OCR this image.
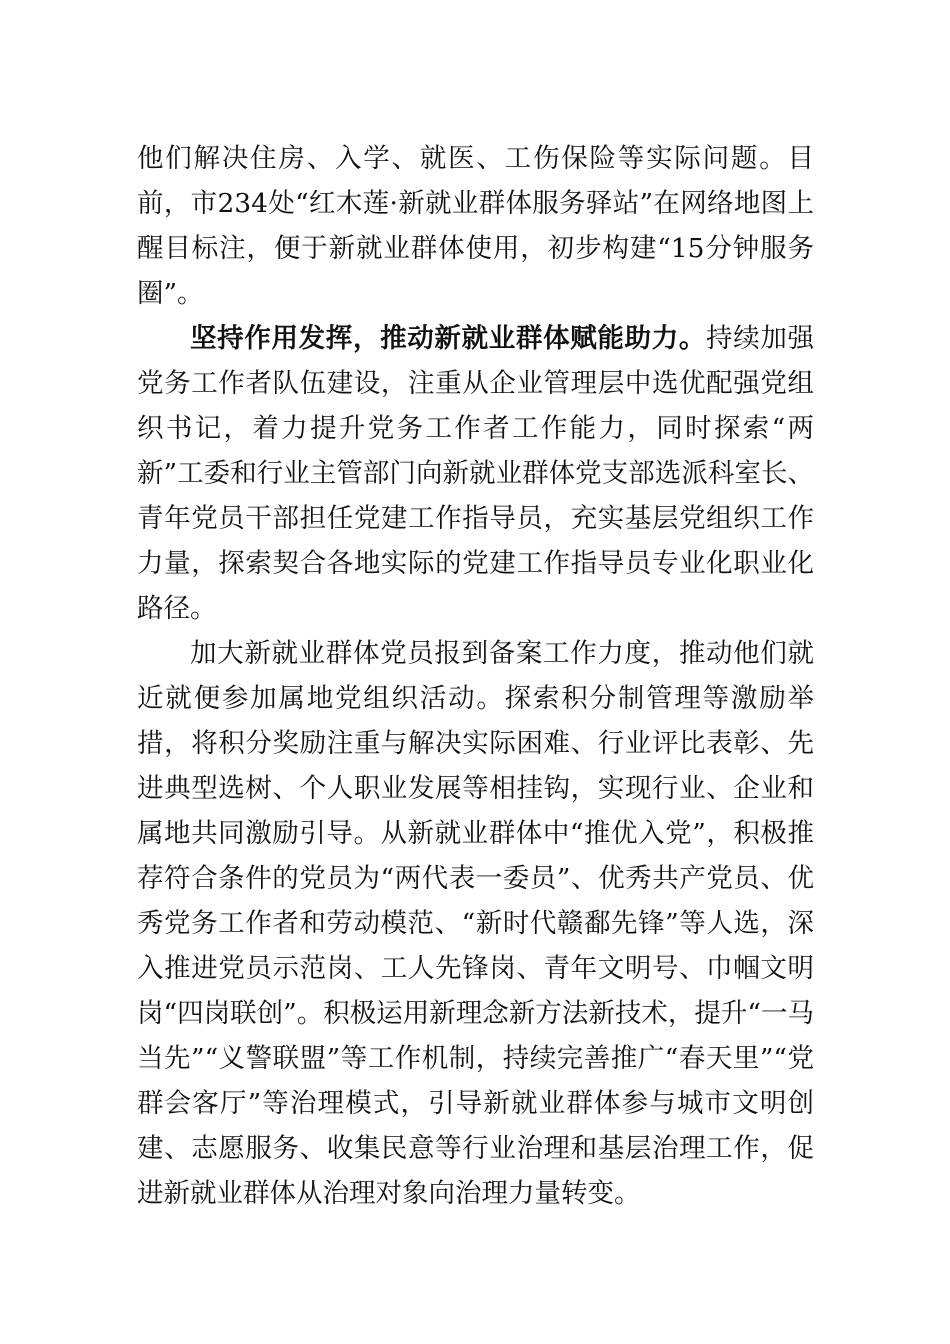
他们解决住房、入学、就医、工伤保险等实际问题。目前，市234处“红木莲·新就业群体服务驿站”在网络地图上醒目标注，便于新就业群体使用，初步构建“15分钟服务圈”。

坚持作用发挥，推动新就业群体赋能助力。持续加强党务工作者队伍建设，注重从企业管理层中选优配强党组织书记，着力提升党务工作者工作能力，同时探索“两新”工委和行业主管部门向新就业群体党支部选派科室长、青年党员干部担任党建工作指导员，充实基层党组织工作力量，探索契合各地实际的党建工作指导员专业化职业化路径。

加大新就业群体党员报到备案工作力度，推动他们就近就便参加属地党组织活动。探索积分制管理等激励举措，将积分奖励注重与解决实际困难、行业评比表彰、先进典型选树、个人职业发展等相挂钩，实现行业、企业和属地共同激励引导。从新就业群体中“推优入党”，积极推荐符合条件的党员为“两代表一委员”、优秀共产党员、优秀党务工作者和劳动模范、“新时代赣鄱先锋”等人选，深入推进党员示范岗、工人先锋岗、青年文明号、巾帼文明岗“四岗联创”。积极运用新理念新方法新技术，提升“一马当先”“义警联盟”等工作机制，持续完善推广“春天里”“党群会客厅”等治理模式，引导新就业群体参与城市文明创建、志愿服务、收集民意等行业治理和基层治理工作，促进新就业群体从治理对象向治理力量转变。
